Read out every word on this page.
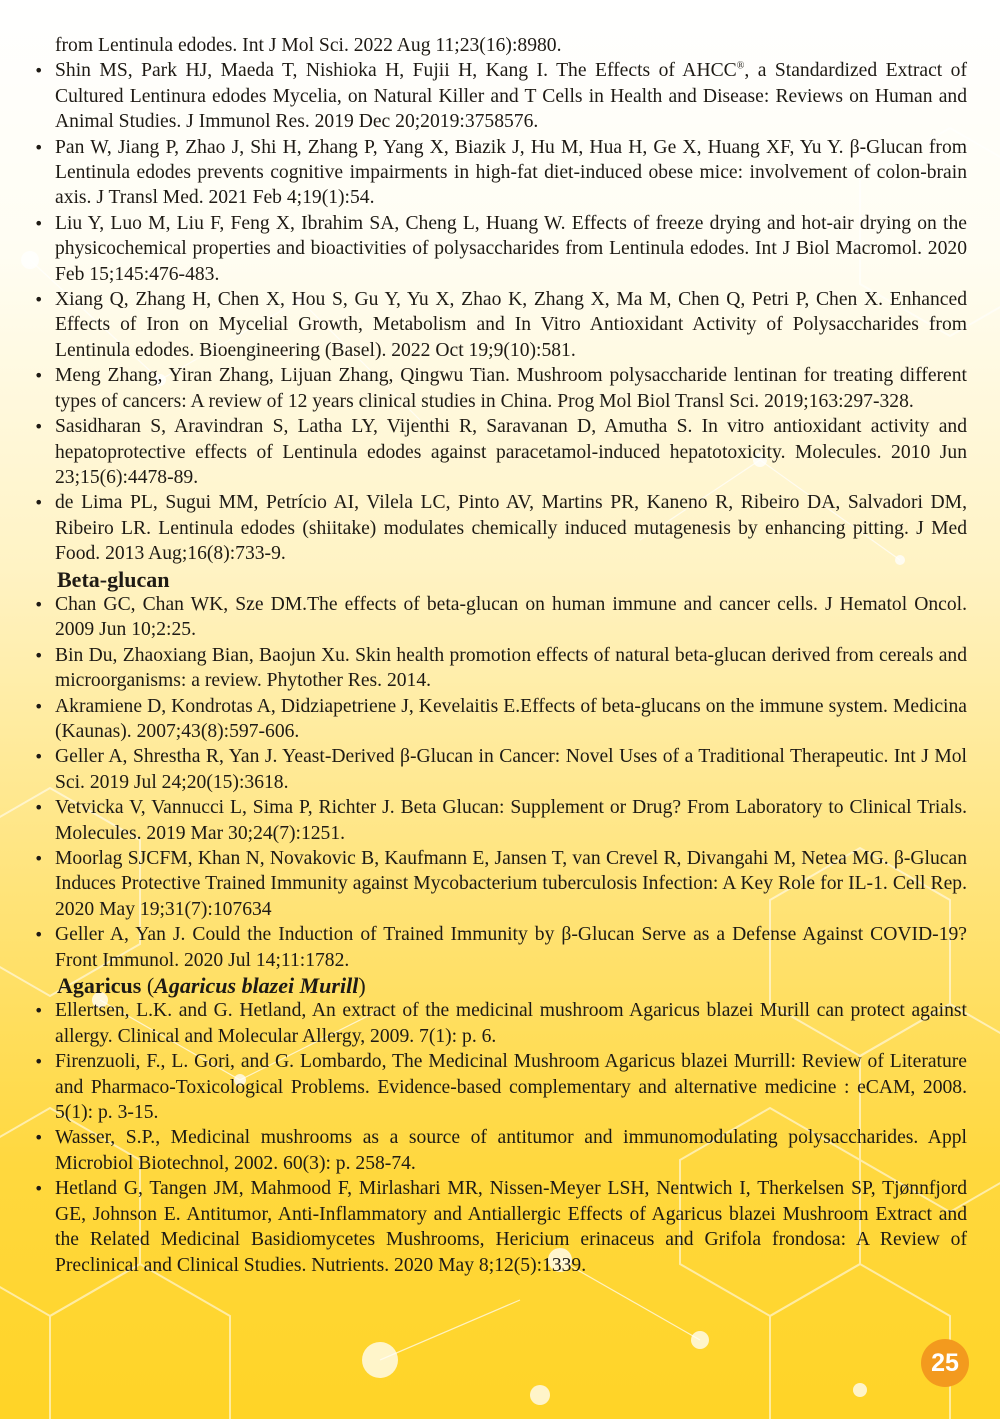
from Lentinula edodes. Int J Mol Sci. 2022 Aug 11;23(16):8980.

• Shin MS, Park HJ, Maeda T, Nishioka H, Fujii H, Kang I. The Effects of AHCC®, a Standardized Extract of Cultured Lentinura edodes Mycelia, on Natural Killer and T Cells in Health and Disease: Reviews on Human and Animal Studies. J Immunol Res. 2019 Dec 20;2019:3758576.

• Pan W, Jiang P, Zhao J, Shi H, Zhang P, Yang X, Biazik J, Hu M, Hua H, Ge X, Huang XF, Yu Y. β-Glucan from Lentinula edodes prevents cognitive impairments in high-fat diet-induced obese mice: involvement of colon-brain axis. J Transl Med. 2021 Feb 4;19(1):54.

• Liu Y, Luo M, Liu F, Feng X, Ibrahim SA, Cheng L, Huang W. Effects of freeze drying and hot-air drying on the physicochemical properties and bioactivities of polysaccharides from Lentinula edodes. Int J Biol Macromol. 2020 Feb 15;145:476-483.

• Xiang Q, Zhang H, Chen X, Hou S, Gu Y, Yu X, Zhao K, Zhang X, Ma M, Chen Q, Petri P, Chen X. Enhanced Effects of Iron on Mycelial Growth, Metabolism and In Vitro Antioxidant Activity of Polysaccharides from Lentinula edodes. Bioengineering (Basel). 2022 Oct 19;9(10):581.

• Meng Zhang, Yiran Zhang, Lijuan Zhang, Qingwu Tian. Mushroom polysaccharide lentinan for treating different types of cancers: A review of 12 years clinical studies in China. Prog Mol Biol Transl Sci. 2019;163:297-328.

• Sasidharan S, Aravindran S, Latha LY, Vijenthi R, Saravanan D, Amutha S. In vitro antioxidant activity and hepatoprotective effects of Lentinula edodes against paracetamol-induced hepatotoxicity. Molecules. 2010 Jun 23;15(6):4478-89.

• de Lima PL, Sugui MM, Petrício AI, Vilela LC, Pinto AV, Martins PR, Kaneno R, Ribeiro DA, Salvadori DM, Ribeiro LR. Lentinula edodes (shiitake) modulates chemically induced mutagenesis by enhancing pitting. J Med Food. 2013 Aug;16(8):733-9.

Beta-glucan

• Chan GC, Chan WK, Sze DM.The effects of beta-glucan on human immune and cancer cells. J Hematol Oncol. 2009 Jun 10;2:25.

• Bin Du, Zhaoxiang Bian, Baojun Xu. Skin health promotion effects of natural beta-glucan derived from cereals and microorganisms: a review. Phytother Res. 2014.

• Akramiene D, Kondrotas A, Didziapetriene J, Kevelaitis E.Effects of beta-glucans on the immune system. Medicina (Kaunas). 2007;43(8):597-606.

• Geller A, Shrestha R, Yan J. Yeast-Derived β-Glucan in Cancer: Novel Uses of a Traditional Therapeutic. Int J Mol Sci. 2019 Jul 24;20(15):3618.

• Vetvicka V, Vannucci L, Sima P, Richter J. Beta Glucan: Supplement or Drug? From Laboratory to Clinical Trials. Molecules. 2019 Mar 30;24(7):1251.

• Moorlag SJCFM, Khan N, Novakovic B, Kaufmann E, Jansen T, van Crevel R, Divangahi M, Netea MG. β-Glucan Induces Protective Trained Immunity against Mycobacterium tuberculosis Infection: A Key Role for IL-1. Cell Rep. 2020 May 19;31(7):107634

• Geller A, Yan J. Could the Induction of Trained Immunity by β-Glucan Serve as a Defense Against COVID-19? Front Immunol. 2020 Jul 14;11:1782.

Agaricus (Agaricus blazei Murill)

• Ellertsen, L.K. and G. Hetland, An extract of the medicinal mushroom Agaricus blazei Murill can protect against allergy. Clinical and Molecular Allergy, 2009. 7(1): p. 6.

• Firenzuoli, F., L. Gori, and G. Lombardo, The Medicinal Mushroom Agaricus blazei Murrill: Review of Literature and Pharmaco-Toxicological Problems. Evidence-based complementary and alternative medicine : eCAM, 2008. 5(1): p. 3-15.

• Wasser, S.P., Medicinal mushrooms as a source of antitumor and immunomodulating polysaccharides. Appl Microbiol Biotechnol, 2002. 60(3): p. 258-74.

• Hetland G, Tangen JM, Mahmood F, Mirlashari MR, Nissen-Meyer LSH, Nentwich I, Therkelsen SP, Tjønnfjord GE, Johnson E. Antitumor, Anti-Inflammatory and Antiallergic Effects of Agaricus blazei Mushroom Extract and the Related Medicinal Basidiomycetes Mushrooms, Hericium erinaceus and Grifola frondosa: A Review of Preclinical and Clinical Studies. Nutrients. 2020 May 8;12(5):1339.

25
